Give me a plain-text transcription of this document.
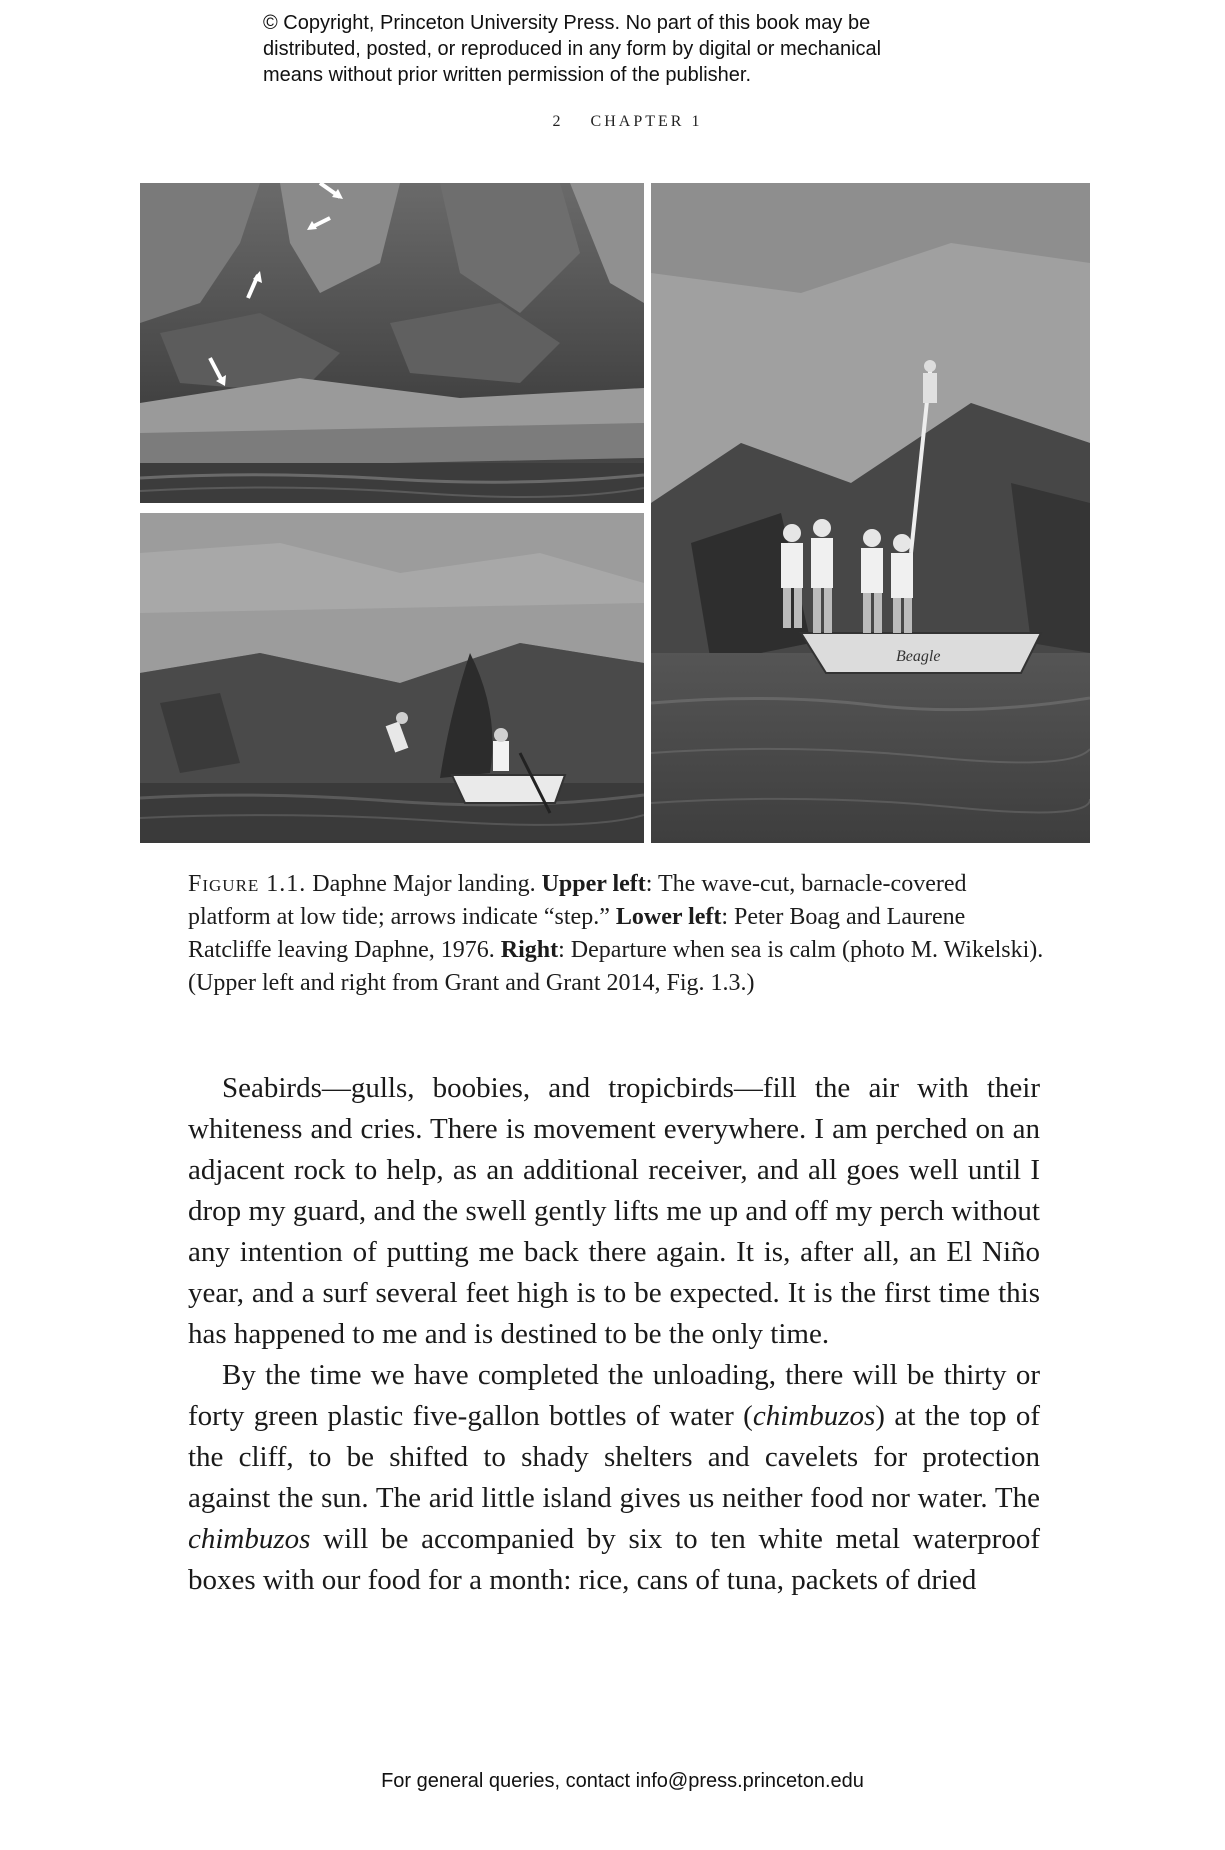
© Copyright, Princeton University Press. No part of this book may be
distributed, posted, or reproduced in any form by digital or mechanical
means without prior written permission of the publisher.
2 CHAPTER 1
Beagle
Figure 1.1. Daphne Major landing. Upper left: The wave-cut, barnacle-covered platform at low tide; arrows indicate “step.” Lower left: Peter Boag and Laurene Ratcliffe leaving Daphne, 1976. Right: Departure when sea is calm (photo M. Wikelski). (Upper left and right from Grant and Grant 2014, Fig. 1.3.)

Seabirds—gulls, boobies, and tropicbirds—fill the air with their whiteness and cries. There is movement everywhere. I am perched on an adjacent rock to help, as an additional receiver, and all goes well until I drop my guard, and the swell gently lifts me up and off my perch without any intention of putting me back there again. It is, after all, an El Niño year, and a surf several feet high is to be expected. It is the first time this has happened to me and is destined to be the only time.

By the time we have completed the unloading, there will be thirty or forty green plastic five-gallon bottles of water (chimbuzos) at the top of the cliff, to be shifted to shady shelters and cavelets for protection against the sun. The arid little island gives us neither food nor water. The chimbuzos will be accompanied by six to ten white metal waterproof boxes with our food for a month: rice, cans of tuna, packets of dried

For general queries, contact info@press.princeton.edu
